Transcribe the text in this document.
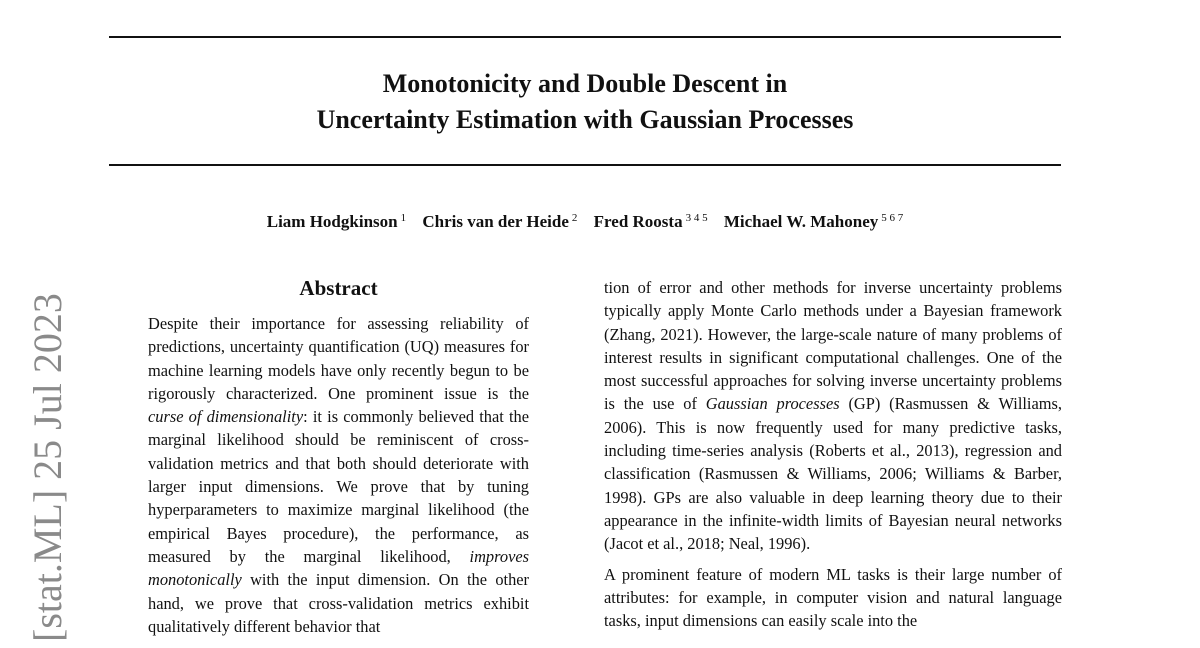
[stat.ML] 25 Jul 2023
Monotonicity and Double Descent in
Uncertainty Estimation with Gaussian Processes
Liam Hodgkinson $^1$ Chris van der Heide $^2$ Fred Roosta $^{3 4 5}$ Michael W. Mahoney $^{5 6 7}$
Abstract

Despite their importance for assessing reliability of predictions, uncertainty quantification (UQ) measures for machine learning models have only recently begun to be rigorously characterized. One prominent issue is the curse of dimensionality: it is commonly believed that the marginal likelihood should be reminiscent of cross-validation metrics and that both should deteriorate with larger input dimensions. We prove that by tuning hyperparameters to maximize marginal likelihood (the empirical Bayes procedure), the performance, as measured by the marginal likelihood, improves monotonically with the input dimension. On the other hand, we prove that cross-validation metrics exhibit qualitatively different behavior that

tion of error and other methods for inverse uncertainty problems typically apply Monte Carlo methods under a Bayesian framework (Zhang, 2021). However, the large-scale nature of many problems of interest results in significant computational challenges. One of the most successful approaches for solving inverse uncertainty problems is the use of Gaussian processes (GP) (Rasmussen & Williams, 2006). This is now frequently used for many predictive tasks, including time-series analysis (Roberts et al., 2013), regression and classification (Rasmussen & Williams, 2006; Williams & Barber, 1998). GPs are also valuable in deep learning theory due to their appearance in the infinite-width limits of Bayesian neural networks (Jacot et al., 2018; Neal, 1996).

A prominent feature of modern ML tasks is their large number of attributes: for example, in computer vision and natural language tasks, input dimensions can easily scale into the
